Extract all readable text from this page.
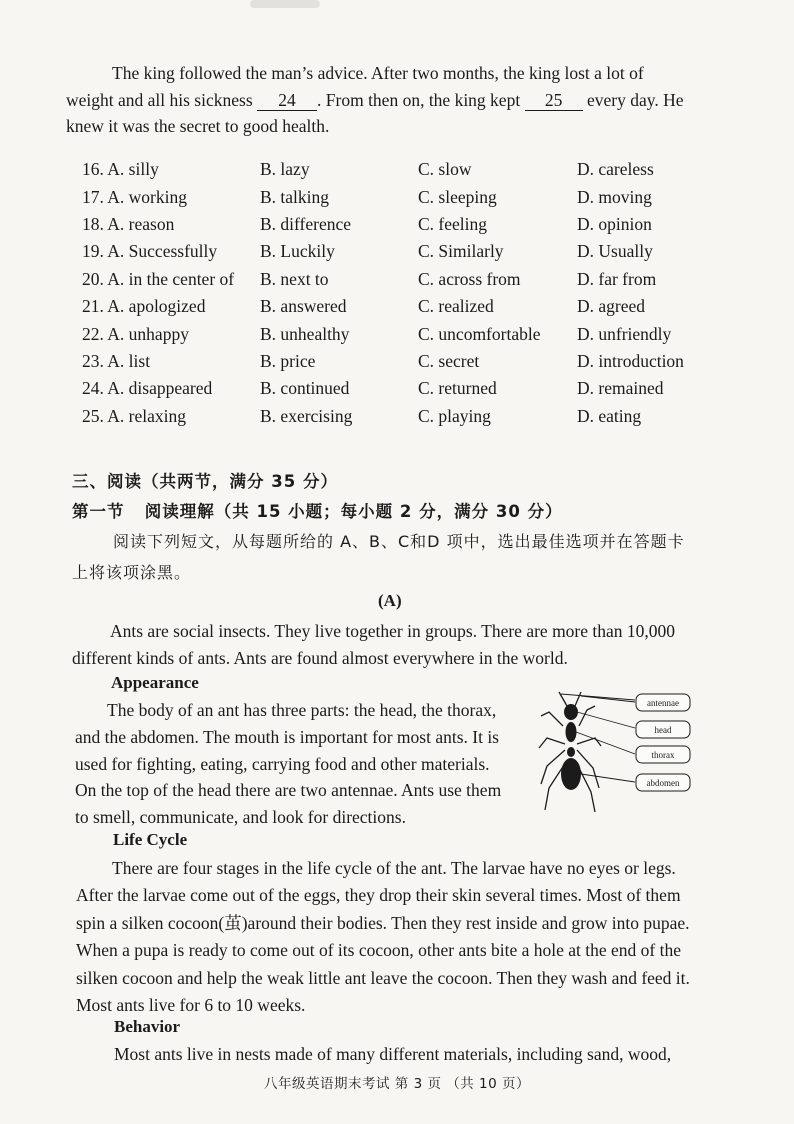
The king followed the man’s advice. After two months, the king lost a lot of
weight and all his sickness 24 . From then on, the king kept 25 every day. He
knew it was the secret to good health.
16. A. silly	B. lazy	C. slow	D. careless
17. A. working	B. talking	C. sleeping	D. moving
18. A. reason	B. difference	C. feeling	D. opinion
19. A. Successfully	B. Luckily	C. Similarly	D. Usually
20. A. in the center of	B. next to	C. across from	D. far from
21. A. apologized	B. answered	C. realized	D. agreed
22. A. unhappy	B. unhealthy	C. uncomfortable	D. unfriendly
23. A. list	B. price	C. secret	D. introduction
24. A. disappeared	B. continued	C. returned	D. remained
25. A. relaxing	B. exercising	C. playing	D. eating
三、阅读（共两节，满分 35 分）
第一节 阅读理解（共 15 小题；每小题 2 分，满分 30 分）
阅读下列短文，从每题所给的 A、B、C和D 项中，选出最佳选项并在答题卡
上将该项涂黑。
(A)
Ants are social insects. They live together in groups. There are more than 10,000
different kinds of ants. Ants are found almost everywhere in the world.
Appearance
The body of an ant has three parts: the head, the thorax,
and the abdomen. The mouth is important for most ants. It is
used for fighting, eating, carrying food and other materials.
On the top of the head there are two antennae. Ants use them
to smell, communicate, and look for directions.
antennae
head
thorax
abdomen
Life Cycle
There are four stages in the life cycle of the ant. The larvae have no eyes or legs.
After the larvae come out of the eggs, they drop their skin several times. Most of them
spin a silken cocoon(茧)around their bodies. Then they rest inside and grow into pupae.
When a pupa is ready to come out of its cocoon, other ants bite a hole at the end of the
silken cocoon and help the weak little ant leave the cocoon. Then they wash and feed it.
Most ants live for 6 to 10 weeks.
Behavior
Most ants live in nests made of many different materials, including sand, wood,
八年级英语期末考试 第 3 页 （共 10 页）
